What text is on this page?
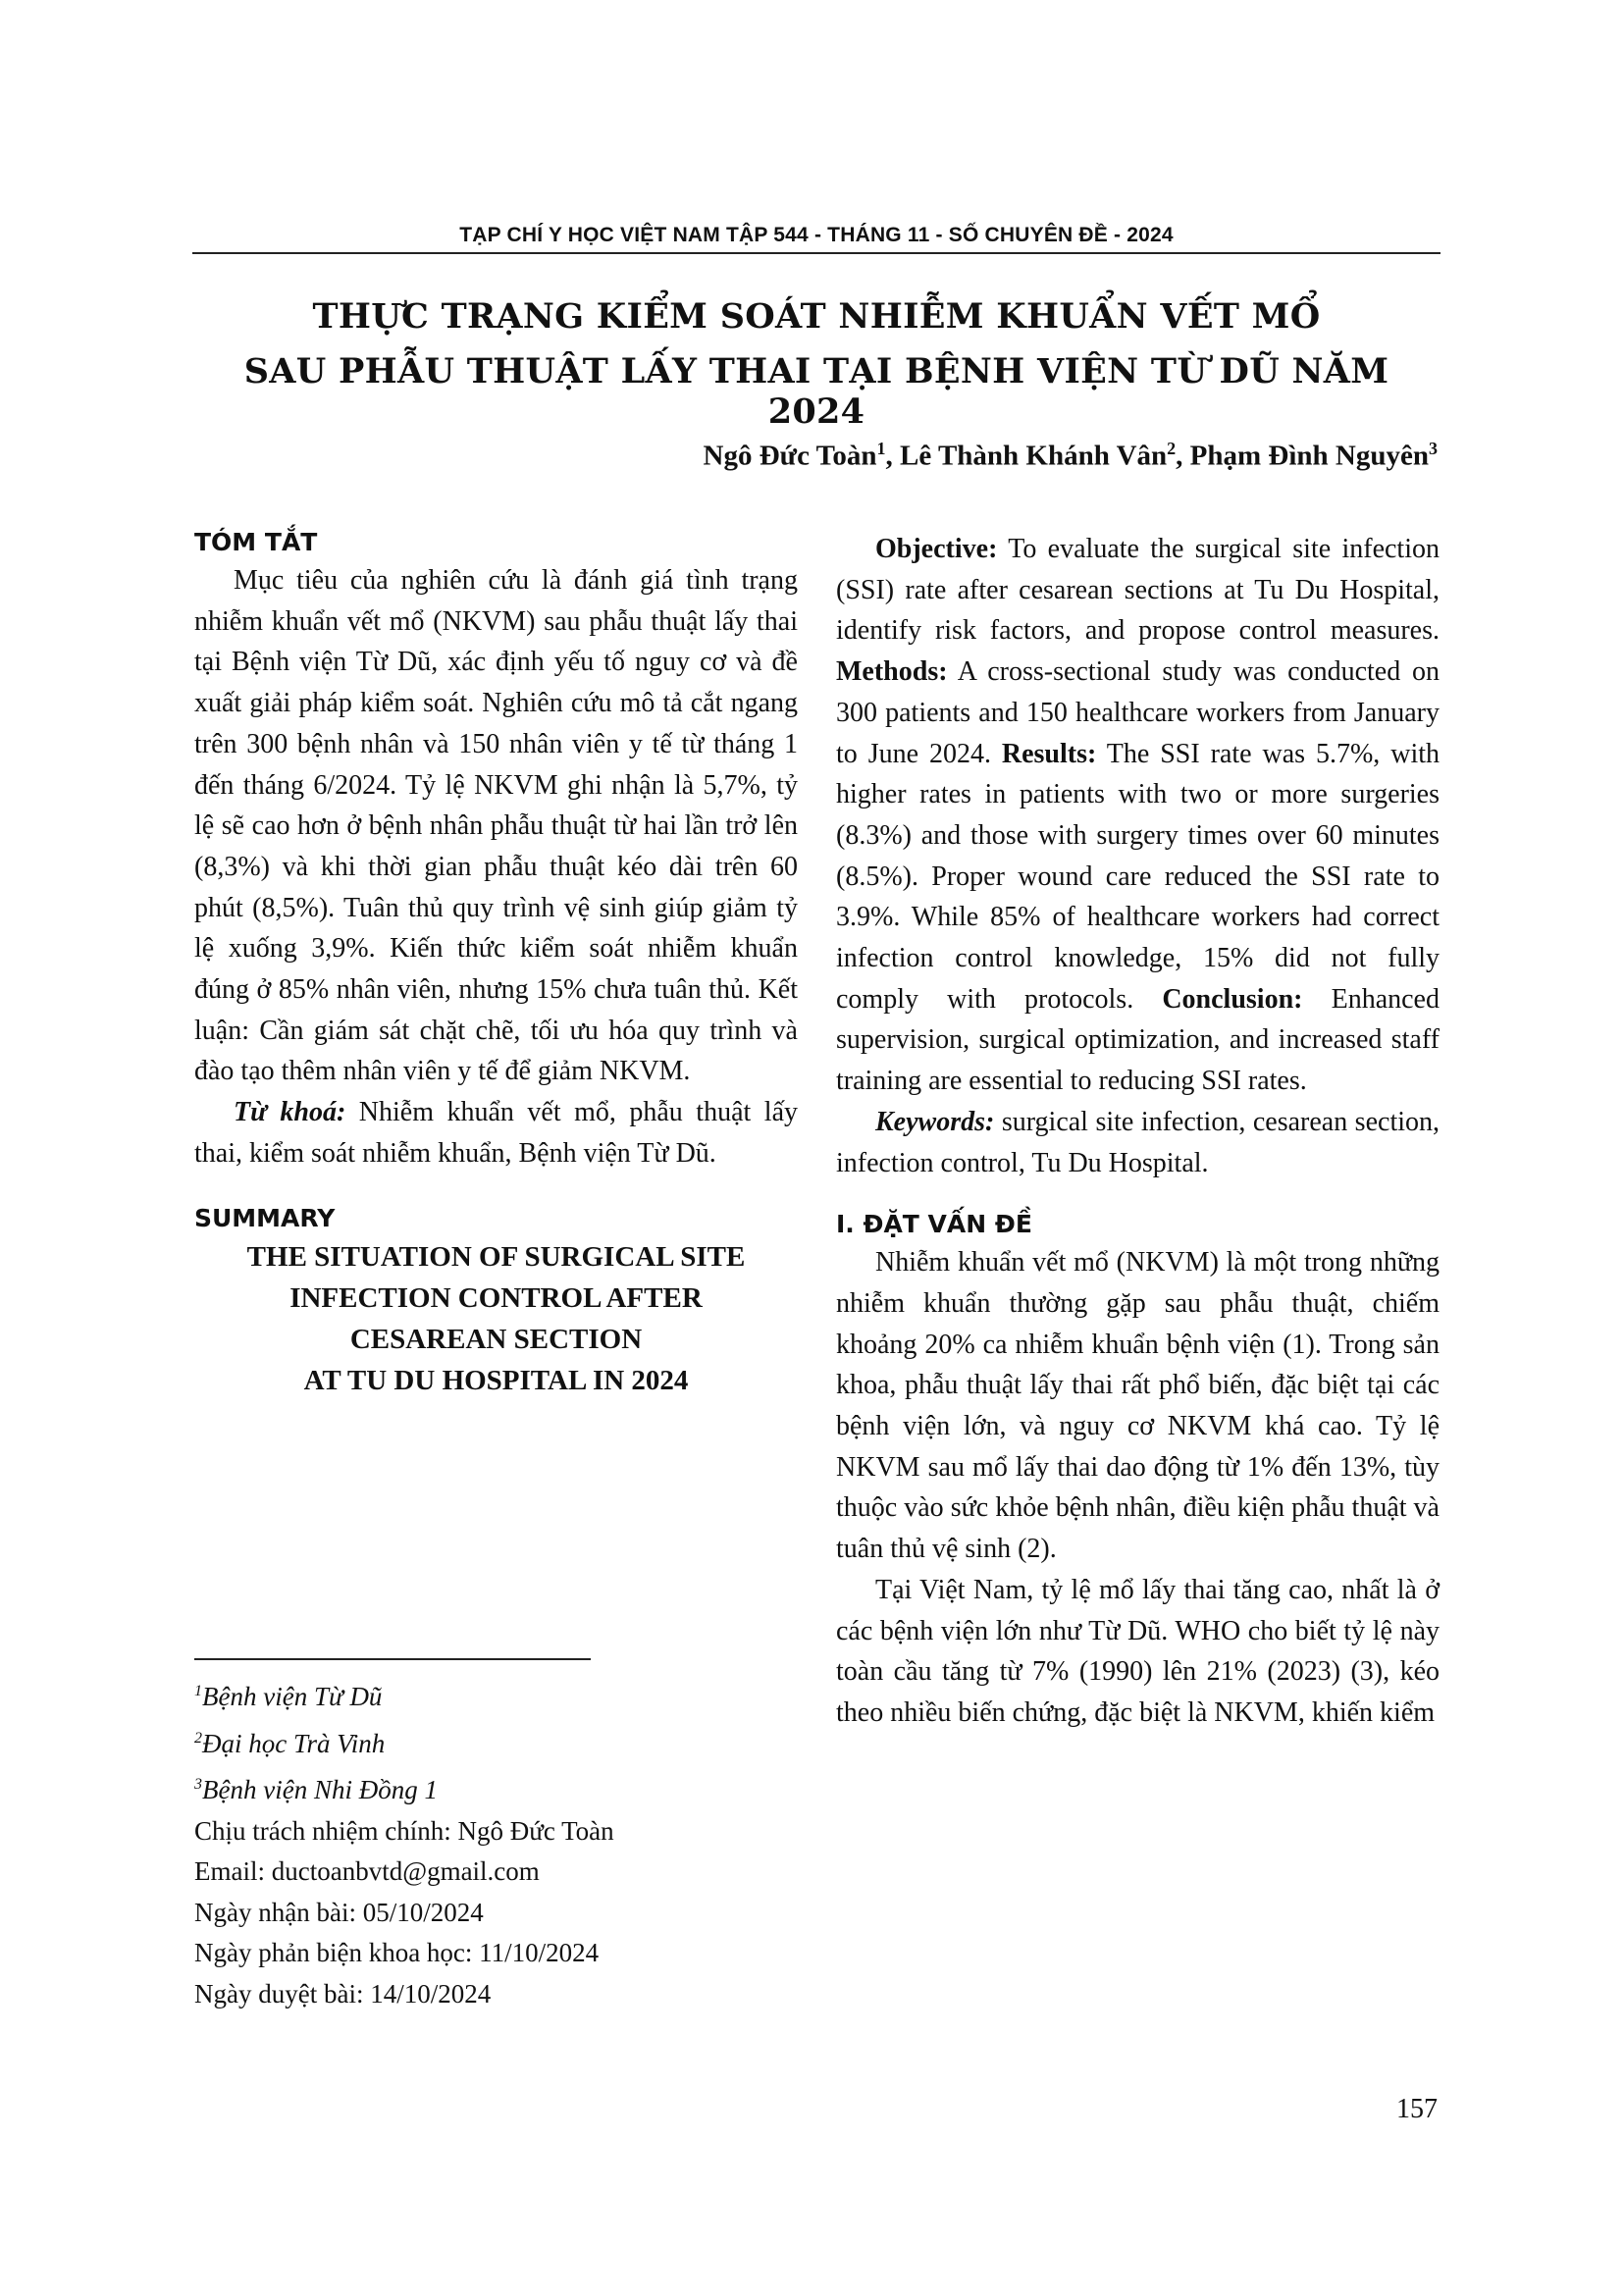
TẠP CHÍ Y HỌC VIỆT NAM TẬP 544 - THÁNG 11 - SỐ CHUYÊN ĐỀ - 2024
THỰC TRẠNG KIỂM SOÁT NHIỄM KHUẨN VẾT MỔ
SAU PHẪU THUẬT LẤY THAI TẠI BỆNH VIỆN TỪ DŨ NĂM 2024
Ngô Đức Toàn$^1$, Lê Thành Khánh Vân$^2$, Phạm Đình Nguyên$^3$
TÓM TẮT

Mục tiêu của nghiên cứu là đánh giá tình trạng nhiễm khuẩn vết mổ (NKVM) sau phẫu thuật lấy thai tại Bệnh viện Từ Dũ, xác định yếu tố nguy cơ và đề xuất giải pháp kiểm soát. Nghiên cứu mô tả cắt ngang trên 300 bệnh nhân và 150 nhân viên y tế từ tháng 1 đến tháng 6/2024. Tỷ lệ NKVM ghi nhận là 5,7%, tỷ lệ sẽ cao hơn ở bệnh nhân phẫu thuật từ hai lần trở lên (8,3%) và khi thời gian phẫu thuật kéo dài trên 60 phút (8,5%). Tuân thủ quy trình vệ sinh giúp giảm tỷ lệ xuống 3,9%. Kiến thức kiểm soát nhiễm khuẩn đúng ở 85% nhân viên, nhưng 15% chưa tuân thủ. Kết luận: Cần giám sát chặt chẽ, tối ưu hóa quy trình và đào tạo thêm nhân viên y tế để giảm NKVM.

Từ khoá: Nhiễm khuẩn vết mổ, phẫu thuật lấy thai, kiểm soát nhiễm khuẩn, Bệnh viện Từ Dũ.

SUMMARY
THE SITUATION OF SURGICAL SITE
INFECTION CONTROL AFTER
CESAREAN SECTION
AT TU DU HOSPITAL IN 2024
$^1$Bệnh viện Từ Dũ
$^2$Đại học Trà Vinh
$^3$Bệnh viện Nhi Đồng 1
Chịu trách nhiệm chính: Ngô Đức Toàn
Email: ductoanbvtd@gmail.com
Ngày nhận bài: 05/10/2024
Ngày phản biện khoa học: 11/10/2024
Ngày duyệt bài: 14/10/2024

Objective: To evaluate the surgical site infection (SSI) rate after cesarean sections at Tu Du Hospital, identify risk factors, and propose control measures. Methods: A cross-sectional study was conducted on 300 patients and 150 healthcare workers from January to June 2024. Results: The SSI rate was 5.7%, with higher rates in patients with two or more surgeries (8.3%) and those with surgery times over 60 minutes (8.5%). Proper wound care reduced the SSI rate to 3.9%. While 85% of healthcare workers had correct infection control knowledge, 15% did not fully comply with protocols. Conclusion: Enhanced supervision, surgical optimization, and increased staff training are essential to reducing SSI rates.

Keywords: surgical site infection, cesarean section, infection control, Tu Du Hospital.

I. ĐẶT VẤN ĐỀ

Nhiễm khuẩn vết mổ (NKVM) là một trong những nhiễm khuẩn thường gặp sau phẫu thuật, chiếm khoảng 20% ca nhiễm khuẩn bệnh viện (1). Trong sản khoa, phẫu thuật lấy thai rất phổ biến, đặc biệt tại các bệnh viện lớn, và nguy cơ NKVM khá cao. Tỷ lệ NKVM sau mổ lấy thai dao động từ 1% đến 13%, tùy thuộc vào sức khỏe bệnh nhân, điều kiện phẫu thuật và tuân thủ vệ sinh (2).

Tại Việt Nam, tỷ lệ mổ lấy thai tăng cao, nhất là ở các bệnh viện lớn như Từ Dũ. WHO cho biết tỷ lệ này toàn cầu tăng từ 7% (1990) lên 21% (2023) (3), kéo theo nhiều biến chứng, đặc biệt là NKVM, khiến kiểm

157
